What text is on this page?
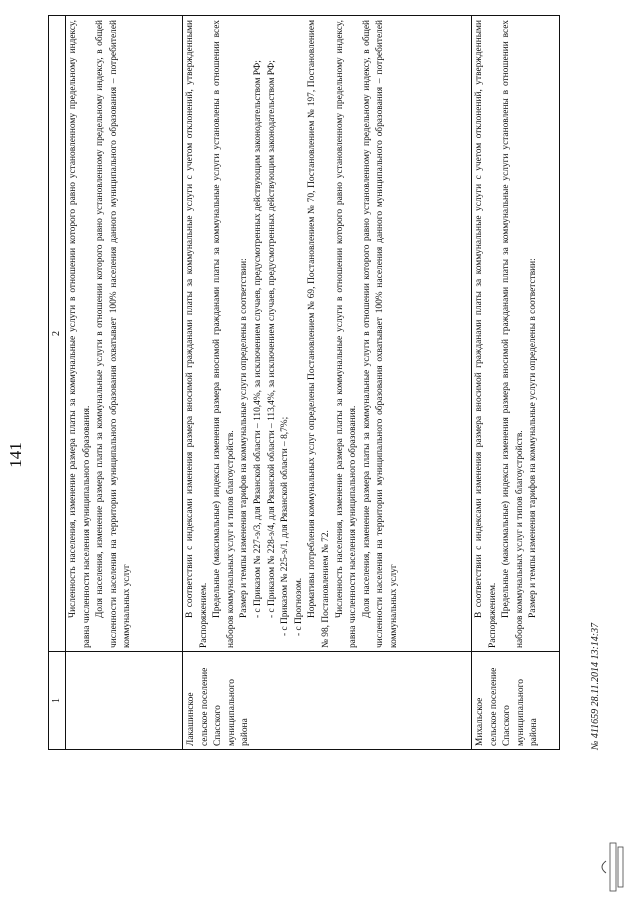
141
1
2 Численность населения, изменение размера платы за коммунальные услуги в отношении которого равно установленному предельному индексу, равна численности населения муниципального образования. Доля населения, изменение размера платы за коммунальные услуги в отношении которого равно установленному предельному индексу, в общей численности населения на территории муниципального образования охватывает 100% населения данного муниципального образования – потребителей коммунальных услуг
Лакашинское сельское поселение Спасского муниципального района
В соответствии с индексами изменения размера вносимой гражданами платы за коммунальные услуги с учетом отклонений, утвержденными Распоряжением. Предельные (максимальные) индексы изменения размера вносимой гражданами платы за коммунальные услуги установлены в отношении всех наборов коммунальных услуг и типов благоустройств. Размер и темпы изменения тарифов на коммунальные услуги определены в соответствии: - с Приказом № 227-э/3, для Рязанской области – 110,4%, за исключением случаев, предусмотренных действующим законодательством РФ; - с Приказом № 228-э/4, для Рязанской области – 113,4%, за исключением случаев, предусмотренных действующим законодательством РФ; - с Приказом № 225-э/1, для Рязанской области – 8,7%; - с Прогнозом. Нормативы потребления коммунальных услуг определены Постановлением № 69, Постановлением № 70, Постановлением № 197, Постановлением № 98, Постановлением № 72. Численность населения, изменение размера платы за коммунальные услуги в отношении которого равно установленному предельному индексу, равна численности населения муниципального образования. Доля населения, изменение размера платы за коммунальные услуги в отношении которого равно установленному предельному индексу, в общей численности населения на территории муниципального образования охватывает 100% населения данного муниципального образования – потребителей коммунальных услуг
Михальское сельское поселение Спасского муниципального района
В соответствии с индексами изменения размера вносимой гражданами платы за коммунальные услуги с учетом отклонений, утвержденными Распоряжением. Предельные (максимальные) индексы изменения размера вносимой гражданами платы за коммунальные услуги установлены в отношении всех наборов коммунальных услуг и типов благоустройств. Размер и темпы изменения тарифов на коммунальные услуги определены в соответствии:
№ 411659 28.11.2014 13:14:37
